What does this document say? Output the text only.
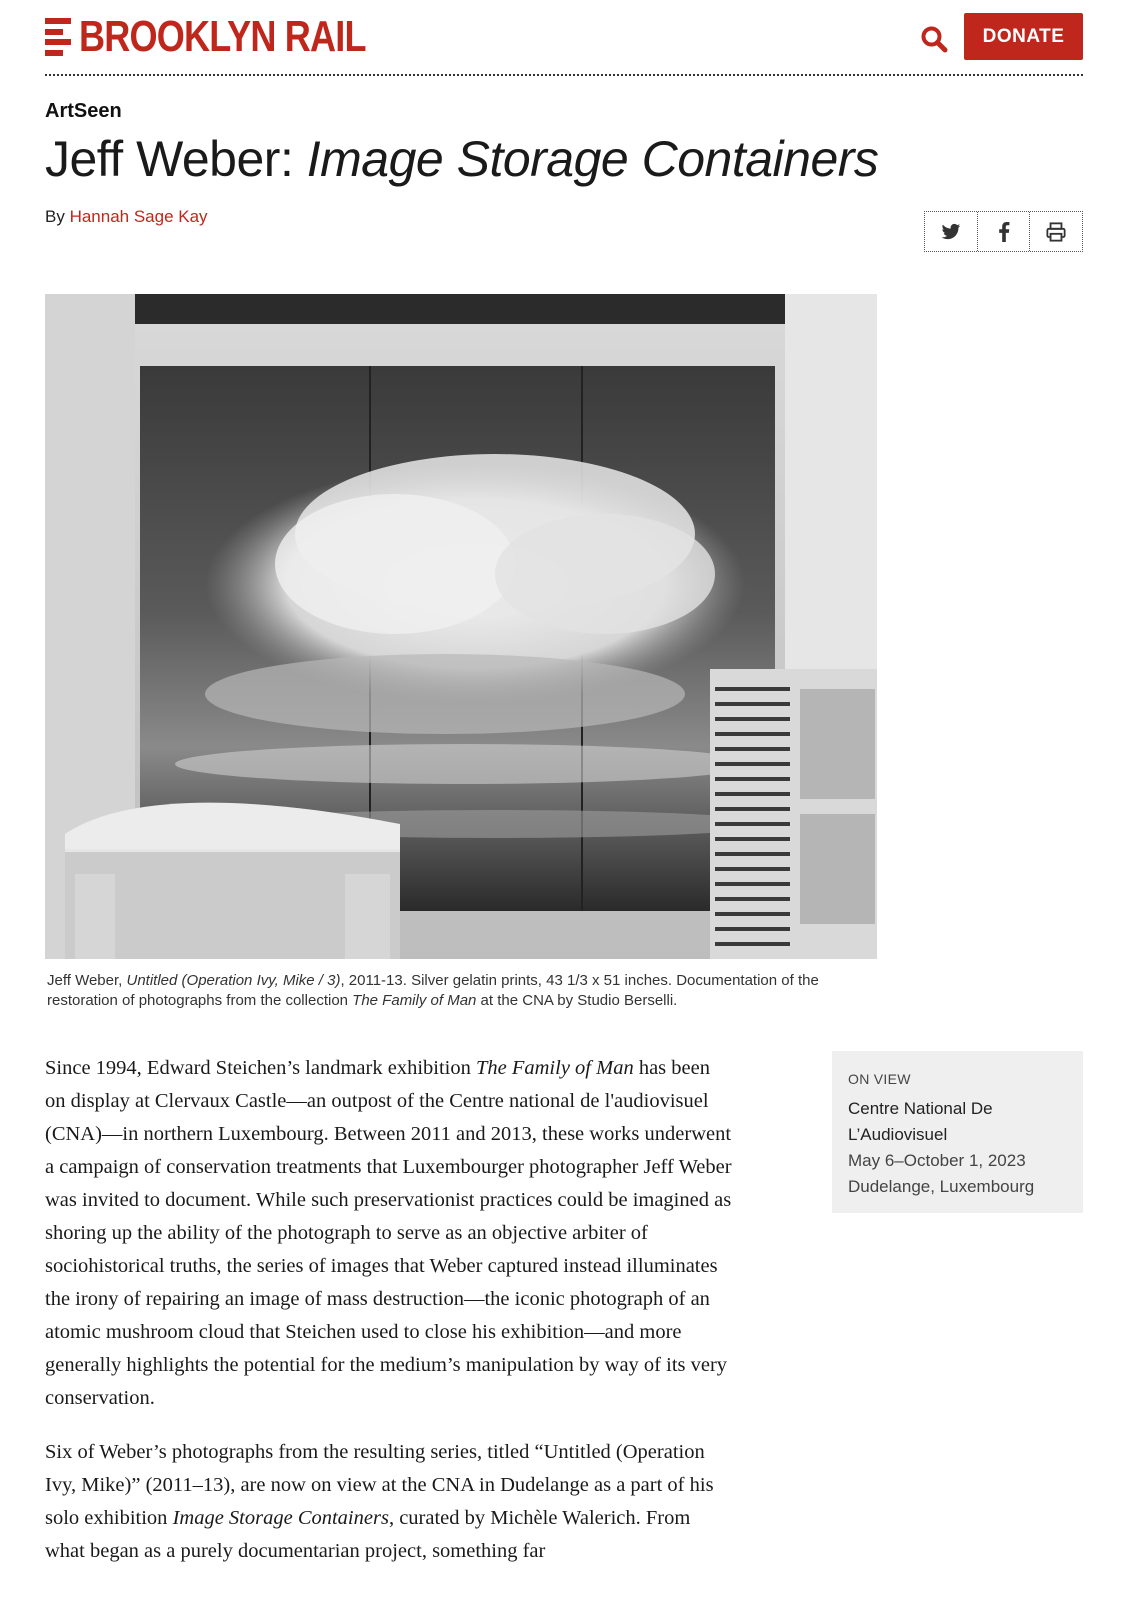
BROOKLYN RAIL	DONATE
ArtSeen
Jeff Weber: Image Storage Containers
By Hannah Sage Kay
Jeff Weber, Untitled (Operation Ivy, Mike / 3), 2011-13. Silver gelatin prints, 43 1/3 x 51 inches. Documentation of the restoration of photographs from the collection The Family of Man at the CNA by Studio Berselli.

Since 1994, Edward Steichen’s landmark exhibition The Family of Man has been on display at Clervaux Castle—an outpost of the Centre national de l'audiovisuel (CNA)—in northern Luxembourg. Between 2011 and 2013, these works underwent a campaign of conservation treatments that Luxembourger photographer Jeff Weber was invited to document. While such preservationist practices could be imagined as shoring up the ability of the photograph to serve as an objective arbiter of sociohistorical truths, the series of images that Weber captured instead illuminates the irony of repairing an image of mass destruction—the iconic photograph of an atomic mushroom cloud that Steichen used to close his exhibition—and more generally highlights the potential for the medium’s manipulation by way of its very conservation.

Six of Weber’s photographs from the resulting series, titled “Untitled (Operation Ivy, Mike)” (2011–13), are now on view at the CNA in Dudelange as a part of his solo exhibition Image Storage Containers, curated by Michèle Walerich. From what began as a purely documentarian project, something far

ON VIEW
Centre National De
L’Audiovisuel
May 6–October 1, 2023
Dudelange, Luxembourg
